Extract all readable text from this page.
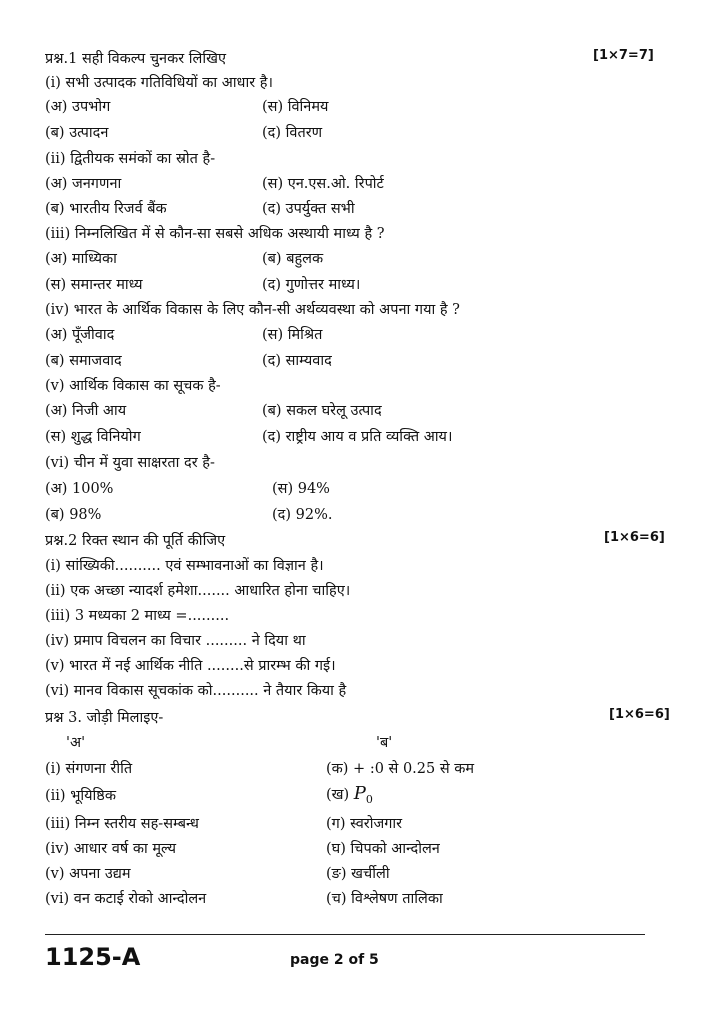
प्रश्न.1 सही विकल्प चुनकर लिखिए	[1×7=7]
(i) सभी उत्पादक गतिविधियों का आधार है।
(अ) उपभोग	(स) विनिमय
(ब) उत्पादन	(द) वितरण
(ii) द्वितीयक समंकों का स्रोत है-
(अ) जनगणना	(स) एन.एस.ओ. रिपोर्ट
(ब) भारतीय रिजर्व बैंक	(द) उपर्युक्त सभी
(iii) निम्नलिखित में से कौन-सा सबसे अधिक अस्थायी माध्य है ?
(अ) माध्यिका	(ब) बहुलक
(स) समान्तर माध्य	(द) गुणोत्तर माध्य।
(iv) भारत के आर्थिक विकास के लिए कौन-सी अर्थव्यवस्था को अपना गया है ?
(अ) पूँजीवाद	(स) मिश्रित
(ब) समाजवाद	(द) साम्यवाद
(v) आर्थिक विकास का सूचक है-
(अ) निजी आय	(ब) सकल घरेलू उत्पाद
(स) शुद्ध विनियोग	(द) राष्ट्रीय आय व प्रति व्यक्ति आय।
(vi) चीन में युवा साक्षरता दर है-
(अ) 100%	(स) 94%
(ब) 98%	(द) 92%.
प्रश्न.2 रिक्त स्थान की पूर्ति कीजिए	[1×6=6]
(i) सांख्यिकी.......... एवं सम्भावनाओं का विज्ञान है।
(ii) एक अच्छा न्यादर्श हमेशा....... आधारित होना चाहिए।
(iii) 3 मध्यका 2 माध्य =.........
(iv) प्रमाप विचलन का विचार ......... ने दिया था
(v) भारत में नई आर्थिक नीति ........से प्रारम्भ की गई।
(vi) मानव विकास सूचकांक को.......... ने तैयार किया है
प्रश्न 3. जोड़ी मिलाइए-	[1×6=6]
'अ'	'ब'
(i) संगणना रीति	(क) + :0 से 0.25 से कम
(ii) भूयिष्ठिक	(ख) $P_0$
(iii) निम्न स्तरीय सह-सम्बन्ध	(ग) स्वरोजगार
(iv) आधार वर्ष का मूल्य	(घ) चिपको आन्दोलन
(v) अपना उद्यम	(ङ) खर्चीली
(vi) वन कटाई रोको आन्दोलन	(च) विश्लेषण तालिका
1125-A	page 2 of 5
